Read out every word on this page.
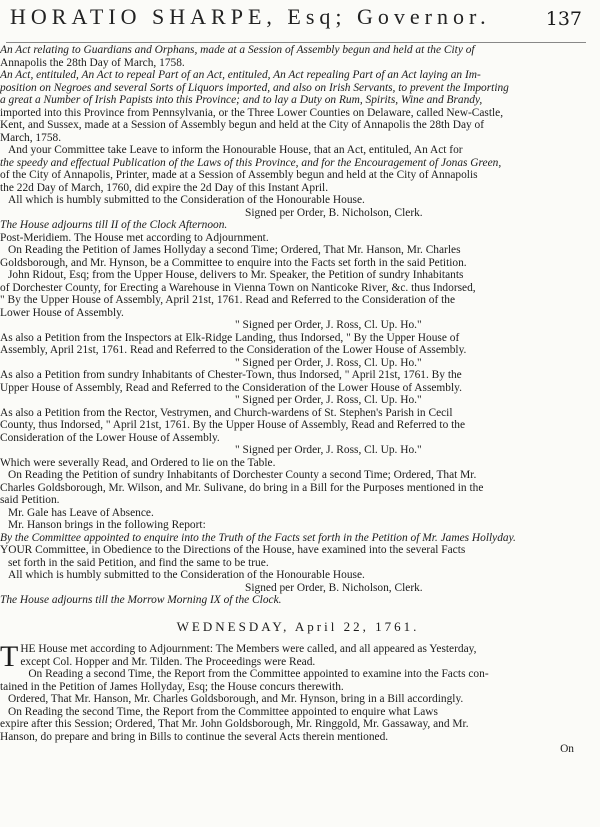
HORATIO SHARPE, Esq; Governor.	137
An Act relating to Guardians and Orphans, made at a Session of Assembly begun and held at the City of
Annapolis the 28th Day of March, 1758.
An Act, entituled, An Act to repeal Part of an Act, entituled, An Act repealing Part of an Act laying an Im-
position on Negroes and several Sorts of Liquors imported, and also on Irish Servants, to prevent the Importing
a great a Number of Irish Papists into this Province; and to lay a Duty on Rum, Spirits, Wine and Brandy,
imported into this Province from Pennsylvania, or the Three Lower Counties on Delaware, called New-Castle,
Kent, and Sussex, made at a Session of Assembly begun and held at the City of Annapolis the 28th Day of
March, 1758.
And your Committee take Leave to inform the Honourable House, that an Act, entituled, An Act for
the speedy and effectual Publication of the Laws of this Province, and for the Encouragement of Jonas Green,
of the City of Annapolis, Printer, made at a Session of Assembly begun and held at the City of Annapolis
the 22d Day of March, 1760, did expire the 2d Day of this Instant April.
All which is humbly submitted to the Consideration of the Honourable House.
Signed per Order, B. Nicholson, Clerk.
The House adjourns till II of the Clock Afternoon.
Post-Meridiem. The House met according to Adjournment.
On Reading the Petition of James Hollyday a second Time; Ordered, That Mr. Hanson, Mr. Charles
Goldsborough, and Mr. Hynson, be a Committee to enquire into the Facts set forth in the said Petition.
John Ridout, Esq; from the Upper House, delivers to Mr. Speaker, the Petition of sundry Inhabitants
of Dorchester County, for Erecting a Warehouse in Vienna Town on Nanticoke River, &c. thus Indorsed,
" By the Upper House of Assembly, April 21st, 1761. Read and Referred to the Consideration of the
Lower House of Assembly.
" Signed per Order, J. Ross, Cl. Up. Ho."
As also a Petition from the Inspectors at Elk-Ridge Landing, thus Indorsed, " By the Upper House of
Assembly, April 21st, 1761. Read and Referred to the Consideration of the Lower House of Assembly.
" Signed per Order, J. Ross, Cl. Up. Ho."
As also a Petition from sundry Inhabitants of Chester-Town, thus Indorsed, " April 21st, 1761. By the
Upper House of Assembly, Read and Referred to the Consideration of the Lower House of Assembly.
" Signed per Order, J. Ross, Cl. Up. Ho."
As also a Petition from the Rector, Vestrymen, and Church-wardens of St. Stephen's Parish in Cecil
County, thus Indorsed, " April 21st, 1761. By the Upper House of Assembly, Read and Referred to the
Consideration of the Lower House of Assembly.
" Signed per Order, J. Ross, Cl. Up. Ho."
Which were severally Read, and Ordered to lie on the Table.
On Reading the Petition of sundry Inhabitants of Dorchester County a second Time; Ordered, That Mr.
Charles Goldsborough, Mr. Wilson, and Mr. Sulivane, do bring in a Bill for the Purposes mentioned in the
said Petition.
Mr. Gale has Leave of Absence.
Mr. Hanson brings in the following Report:
By the Committee appointed to enquire into the Truth of the Facts set forth in the Petition of Mr. James Hollyday.
YOUR Committee, in Obedience to the Directions of the House, have examined into the several Facts
set forth in the said Petition, and find the same to be true.
All which is humbly submitted to the Consideration of the Honourable House.
Signed per Order, B. Nicholson, Clerk.
The House adjourns till the Morrow Morning IX of the Clock.
WEDNESDAY, April 22, 1761.
T HE House met according to Adjournment: The Members were called, and all appeared as Yesterday,
except Col. Hopper and Mr. Tilden. The Proceedings were Read.
On Reading a second Time, the Report from the Committee appointed to examine into the Facts con-
tained in the Petition of James Hollyday, Esq; the House concurs therewith.
Ordered, That Mr. Hanson, Mr. Charles Goldsborough, and Mr. Hynson, bring in a Bill accordingly.
On Reading the second Time, the Report from the Committee appointed to enquire what Laws
expire after this Session; Ordered, That Mr. John Goldsborough, Mr. Ringgold, Mr. Gassaway, and Mr.
Hanson, do prepare and bring in Bills to continue the several Acts therein mentioned.
On
